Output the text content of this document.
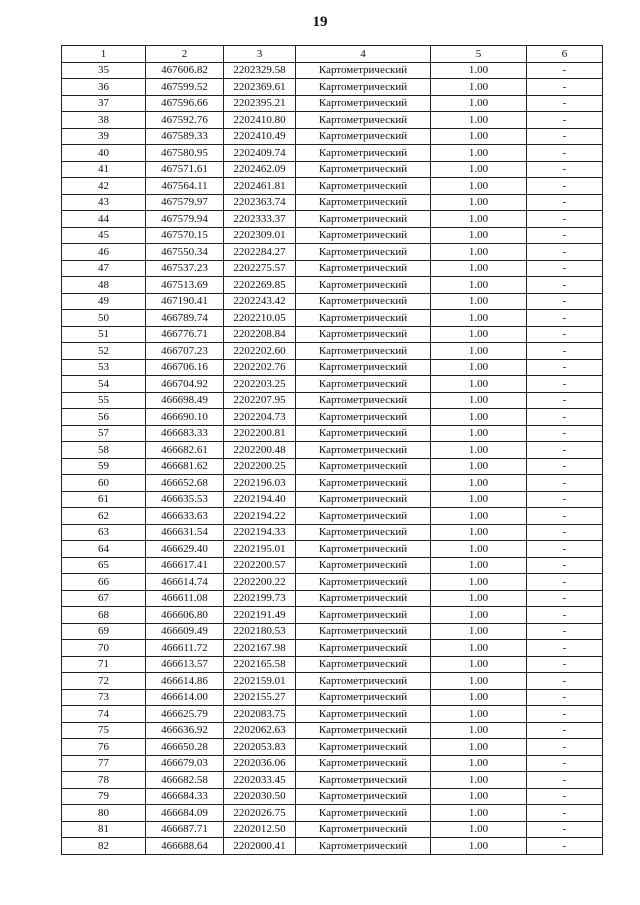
19
1	2	3	4	5	6
35	467606.82	2202329.58	Картометрический	1.00	-
36	467599.52	2202369.61	Картометрический	1.00	-
37	467596.66	2202395.21	Картометрический	1.00	-
38	467592.76	2202410.80	Картометрический	1.00	-
39	467589.33	2202410.49	Картометрический	1.00	-
40	467580.95	2202409.74	Картометрический	1.00	-
41	467571.61	2202462.09	Картометрический	1.00	-
42	467564.11	2202461.81	Картометрический	1.00	-
43	467579.97	2202363.74	Картометрический	1.00	-
44	467579.94	2202333.37	Картометрический	1.00	-
45	467570.15	2202309.01	Картометрический	1.00	-
46	467550.34	2202284.27	Картометрический	1.00	-
47	467537.23	2202275.57	Картометрический	1.00	-
48	467513.69	2202269.85	Картометрический	1.00	-
49	467190.41	2202243.42	Картометрический	1.00	-
50	466789.74	2202210.05	Картометрический	1.00	-
51	466776.71	2202208.84	Картометрический	1.00	-
52	466707.23	2202202.60	Картометрический	1.00	-
53	466706.16	2202202.76	Картометрический	1.00	-
54	466704.92	2202203.25	Картометрический	1.00	-
55	466698.49	2202207.95	Картометрический	1.00	-
56	466690.10	2202204.73	Картометрический	1.00	-
57	466683.33	2202200.81	Картометрический	1.00	-
58	466682.61	2202200.48	Картометрический	1.00	-
59	466681.62	2202200.25	Картометрический	1.00	-
60	466652.68	2202196.03	Картометрический	1.00	-
61	466635.53	2202194.40	Картометрический	1.00	-
62	466633.63	2202194.22	Картометрический	1.00	-
63	466631.54	2202194.33	Картометрический	1.00	-
64	466629.40	2202195.01	Картометрический	1.00	-
65	466617.41	2202200.57	Картометрический	1.00	-
66	466614.74	2202200.22	Картометрический	1.00	-
67	466611.08	2202199.73	Картометрический	1.00	-
68	466606.80	2202191.49	Картометрический	1.00	-
69	466609.49	2202180.53	Картометрический	1.00	-
70	466611.72	2202167.98	Картометрический	1.00	-
71	466613.57	2202165.58	Картометрический	1.00	-
72	466614.86	2202159.01	Картометрический	1.00	-
73	466614.00	2202155.27	Картометрический	1.00	-
74	466625.79	2202083.75	Картометрический	1.00	-
75	466636.92	2202062.63	Картометрический	1.00	-
76	466650.28	2202053.83	Картометрический	1.00	-
77	466679.03	2202036.06	Картометрический	1.00	-
78	466682.58	2202033.45	Картометрический	1.00	-
79	466684.33	2202030.50	Картометрический	1.00	-
80	466684.09	2202026.75	Картометрический	1.00	-
81	466687.71	2202012.50	Картометрический	1.00	-
82	466688.64	2202000.41	Картометрический	1.00	-
